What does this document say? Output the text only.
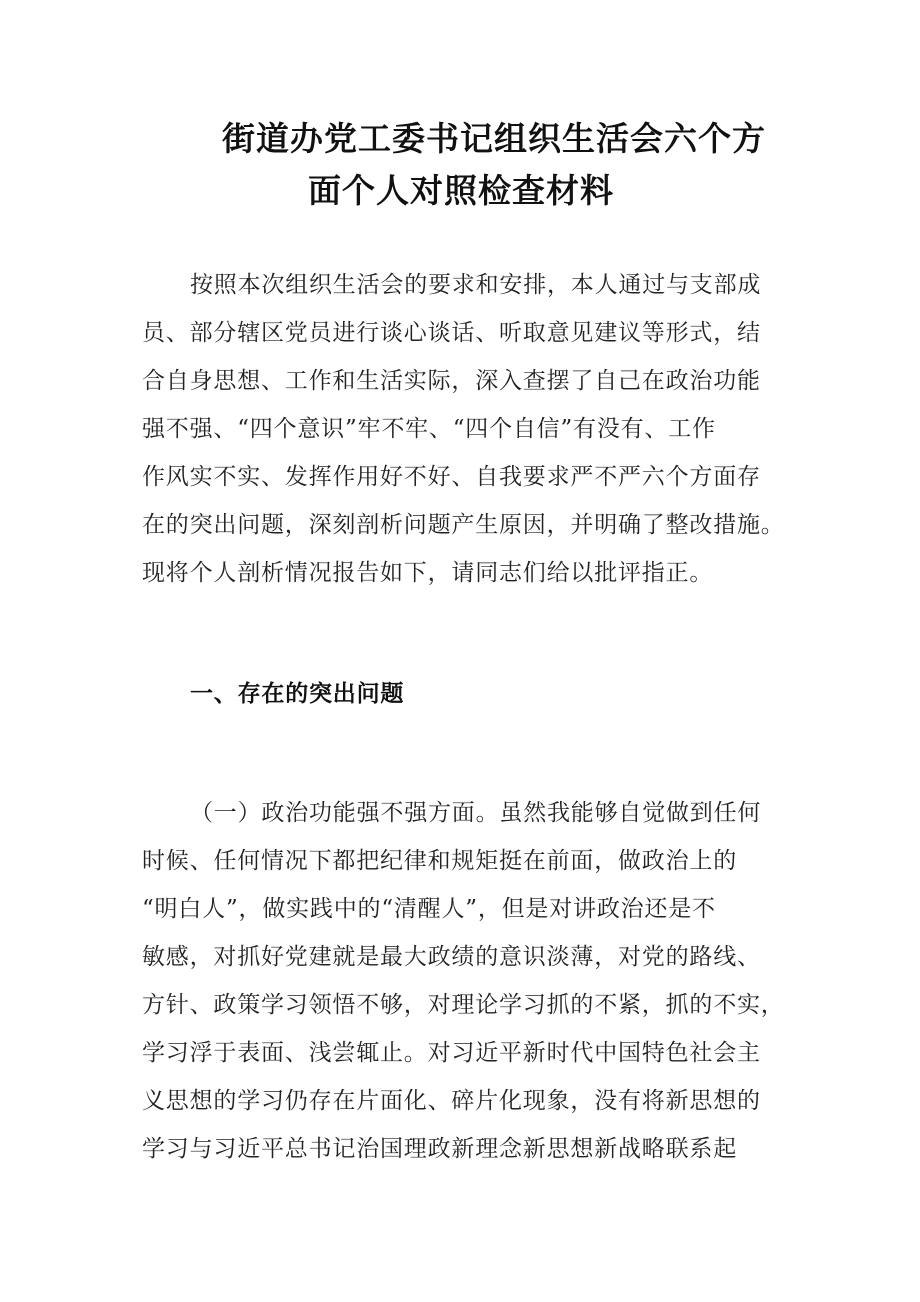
街道办党工委书记组织生活会六个方
面个人对照检查材料
按照本次组织生活会的要求和安排，本人通过与支部成
员、部分辖区党员进行谈心谈话、听取意见建议等形式，结
合自身思想、工作和生活实际，深入查摆了自己在政治功能
强不强、“四个意识”牢不牢、“四个自信”有没有、工作
作风实不实、发挥作用好不好、自我要求严不严六个方面存
在的突出问题，深刻剖析问题产生原因，并明确了整改措施。
现将个人剖析情况报告如下，请同志们给以批评指正。
一、存在的突出问题
（一）政治功能强不强方面。虽然我能够自觉做到任何
时候、任何情况下都把纪律和规矩挺在前面，做政治上的
“明白人”，做实践中的“清醒人”，但是对讲政治还是不
敏感，对抓好党建就是最大政绩的意识淡薄，对党的路线、
方针、政策学习领悟不够，对理论学习抓的不紧，抓的不实，
学习浮于表面、浅尝辄止。对习近平新时代中国特色社会主
义思想的学习仍存在片面化、碎片化现象，没有将新思想的
学习与习近平总书记治国理政新理念新思想新战略联系起
